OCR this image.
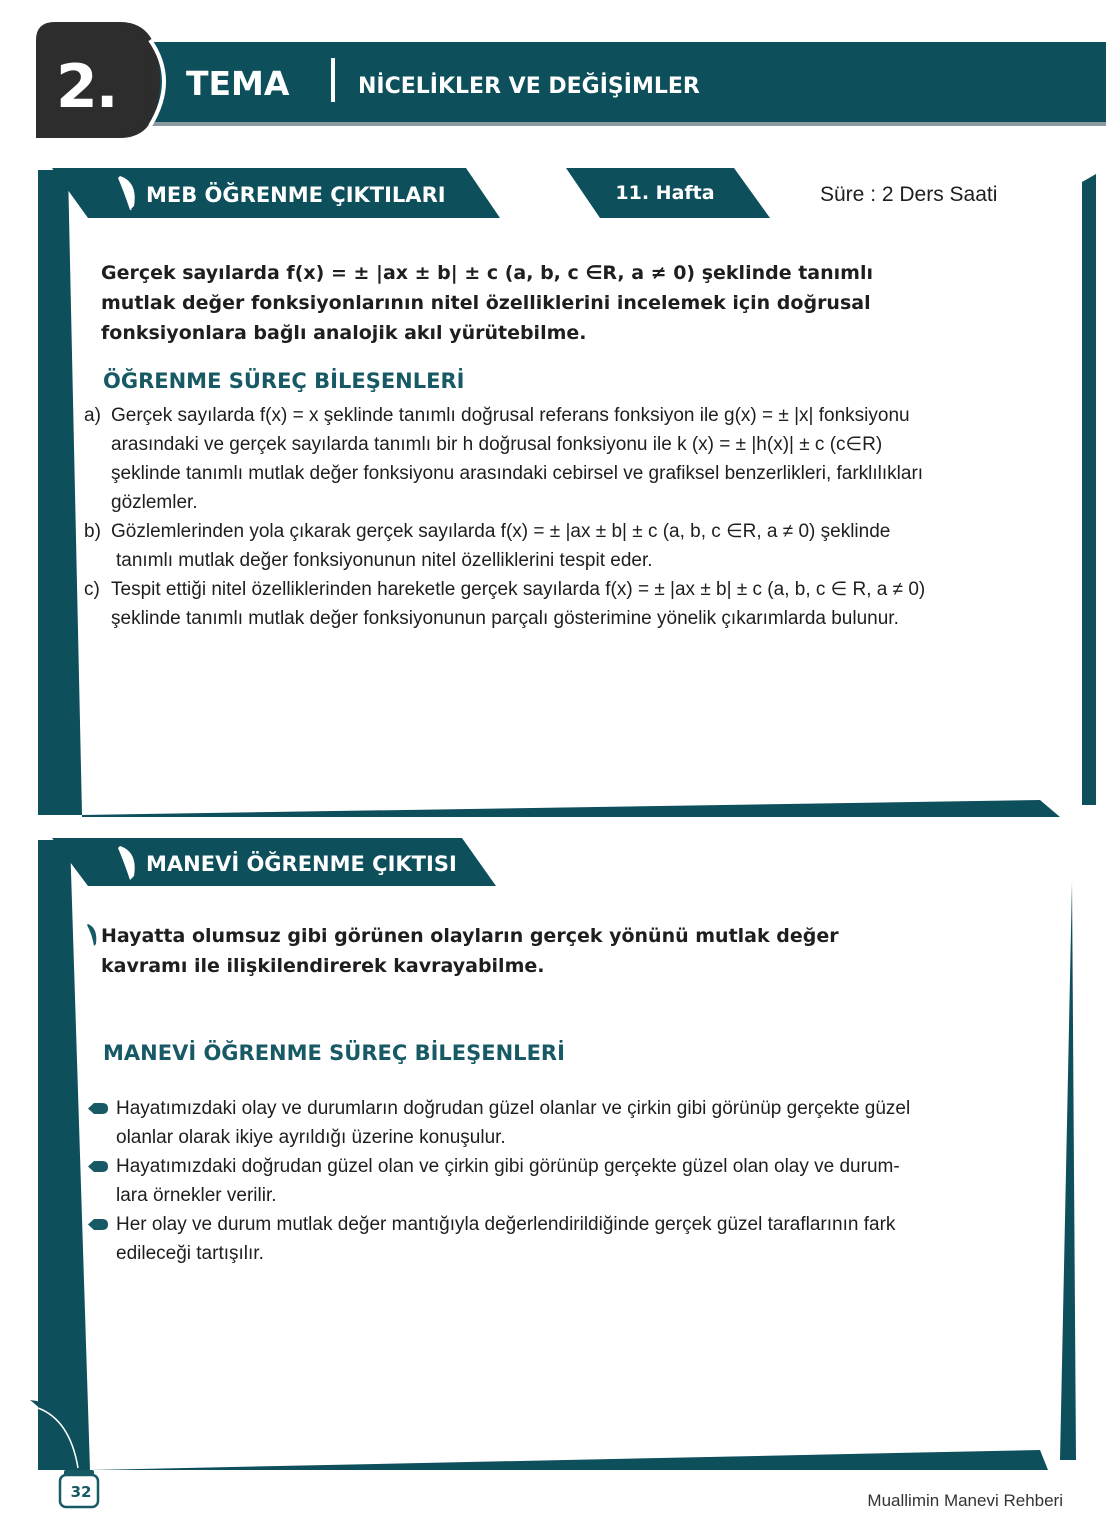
2. TEMA	NİCELİKLER VE DEĞİŞİMLER
MEB ÖĞRENME ÇIKTILARI	11. Hafta	Süre : 2 Ders Saati
Gerçek sayılarda f(x) = ± |ax ± b| ± c (a, b, c ∈R, a ≠ 0) şeklinde tanımlı
mutlak değer fonksiyonlarının nitel özelliklerini incelemek için doğrusal
fonksiyonlara bağlı analojik akıl yürütebilme.
ÖĞRENME SÜREÇ BİLEŞENLERİ
a) Gerçek sayılarda f(x) = x şeklinde tanımlı doğrusal referans fonksiyon ile g(x) = ± |x| fonksiyonu
arasındaki ve gerçek sayılarda tanımlı bir h doğrusal fonksiyonu ile k (x) = ± |h(x)| ± c (c∈R)
şeklinde tanımlı mutlak değer fonksiyonu arasındaki cebirsel ve grafiksel benzerlikleri, farklılıkları
gözlemler.
b) Gözlemlerinden yola çıkarak gerçek sayılarda f(x) = ± |ax ± b| ± c (a, b, c ∈R, a ≠ 0) şeklinde
tanımlı mutlak değer fonksiyonunun nitel özelliklerini tespit eder.
c) Tespit ettiği nitel özelliklerinden hareketle gerçek sayılarda f(x) = ± |ax ± b| ± c (a, b, c ∈ R, a ≠ 0)
şeklinde tanımlı mutlak değer fonksiyonunun parçalı gösterimine yönelik çıkarımlarda bulunur.
MANEVİ ÖĞRENME ÇIKTISI
Hayatta olumsuz gibi görünen olayların gerçek yönünü mutlak değer
kavramı ile ilişkilendirerek kavrayabilme.
MANEVİ ÖĞRENME SÜREÇ BİLEŞENLERİ
Hayatımızdaki olay ve durumların doğrudan güzel olanlar ve çirkin gibi görünüp gerçekte güzel
olanlar olarak ikiye ayrıldığı üzerine konuşulur.
Hayatımızdaki doğrudan güzel olan ve çirkin gibi görünüp gerçekte güzel olan olay ve durum-
lara örnekler verilir.
Her olay ve durum mutlak değer mantığıyla değerlendirildiğinde gerçek güzel taraflarının fark
edileceği tartışılır.
32	Muallimin Manevi Rehberi
